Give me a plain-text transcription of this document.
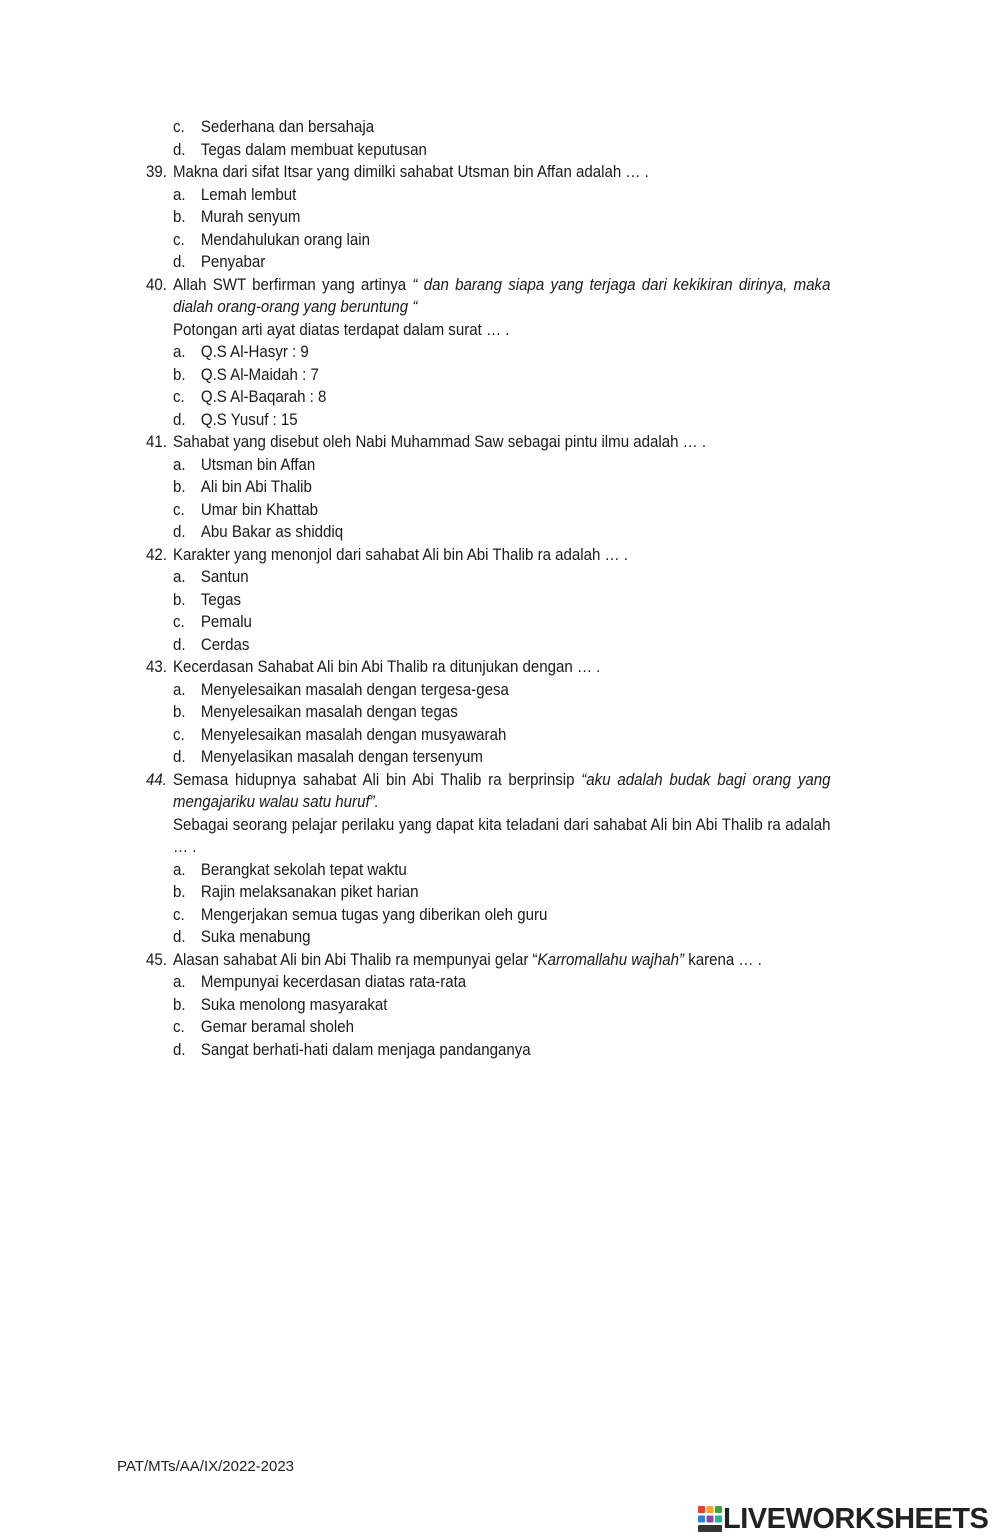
c. Sederhana dan bersahaja
d. Tegas dalam membuat keputusan
39. Makna dari sifat Itsar yang dimilki sahabat Utsman bin Affan adalah … .
a. Lemah lembut
b. Murah senyum
c. Mendahulukan orang lain
d. Penyabar
40. Allah SWT berfirman yang artinya “ dan barang siapa yang terjaga dari kekikiran dirinya, maka
dialah orang-orang yang beruntung “
Potongan arti ayat diatas terdapat dalam surat … .
a. Q.S Al-Hasyr : 9
b. Q.S Al-Maidah : 7
c. Q.S Al-Baqarah : 8
d. Q.S Yusuf : 15
41. Sahabat yang disebut oleh Nabi Muhammad Saw sebagai pintu ilmu adalah … .
a. Utsman bin Affan
b. Ali bin Abi Thalib
c. Umar bin Khattab
d. Abu Bakar as shiddiq
42. Karakter yang menonjol dari sahabat Ali bin Abi Thalib ra adalah … .
a. Santun
b. Tegas
c. Pemalu
d. Cerdas
43. Kecerdasan Sahabat Ali bin Abi Thalib ra ditunjukan dengan … .
a. Menyelesaikan masalah dengan tergesa-gesa
b. Menyelesaikan masalah dengan tegas
c. Menyelesaikan masalah dengan musyawarah
d. Menyelasikan masalah dengan tersenyum
44. Semasa hidupnya sahabat Ali bin Abi Thalib ra berprinsip “aku adalah budak bagi orang yang
mengajariku walau satu huruf”.
Sebagai seorang pelajar perilaku yang dapat kita teladani dari sahabat Ali bin Abi Thalib ra adalah
… .
a. Berangkat sekolah tepat waktu
b. Rajin melaksanakan piket harian
c. Mengerjakan semua tugas yang diberikan oleh guru
d. Suka menabung
45. Alasan sahabat Ali bin Abi Thalib ra mempunyai gelar “Karromallahu wajhah” karena … .
a. Mempunyai kecerdasan diatas rata-rata
b. Suka menolong masyarakat
c. Gemar beramal sholeh
d. Sangat berhati-hati dalam menjaga pandanganya
PAT/MTs/AA/IX/2022-2023
LIVEWORKSHEETS
